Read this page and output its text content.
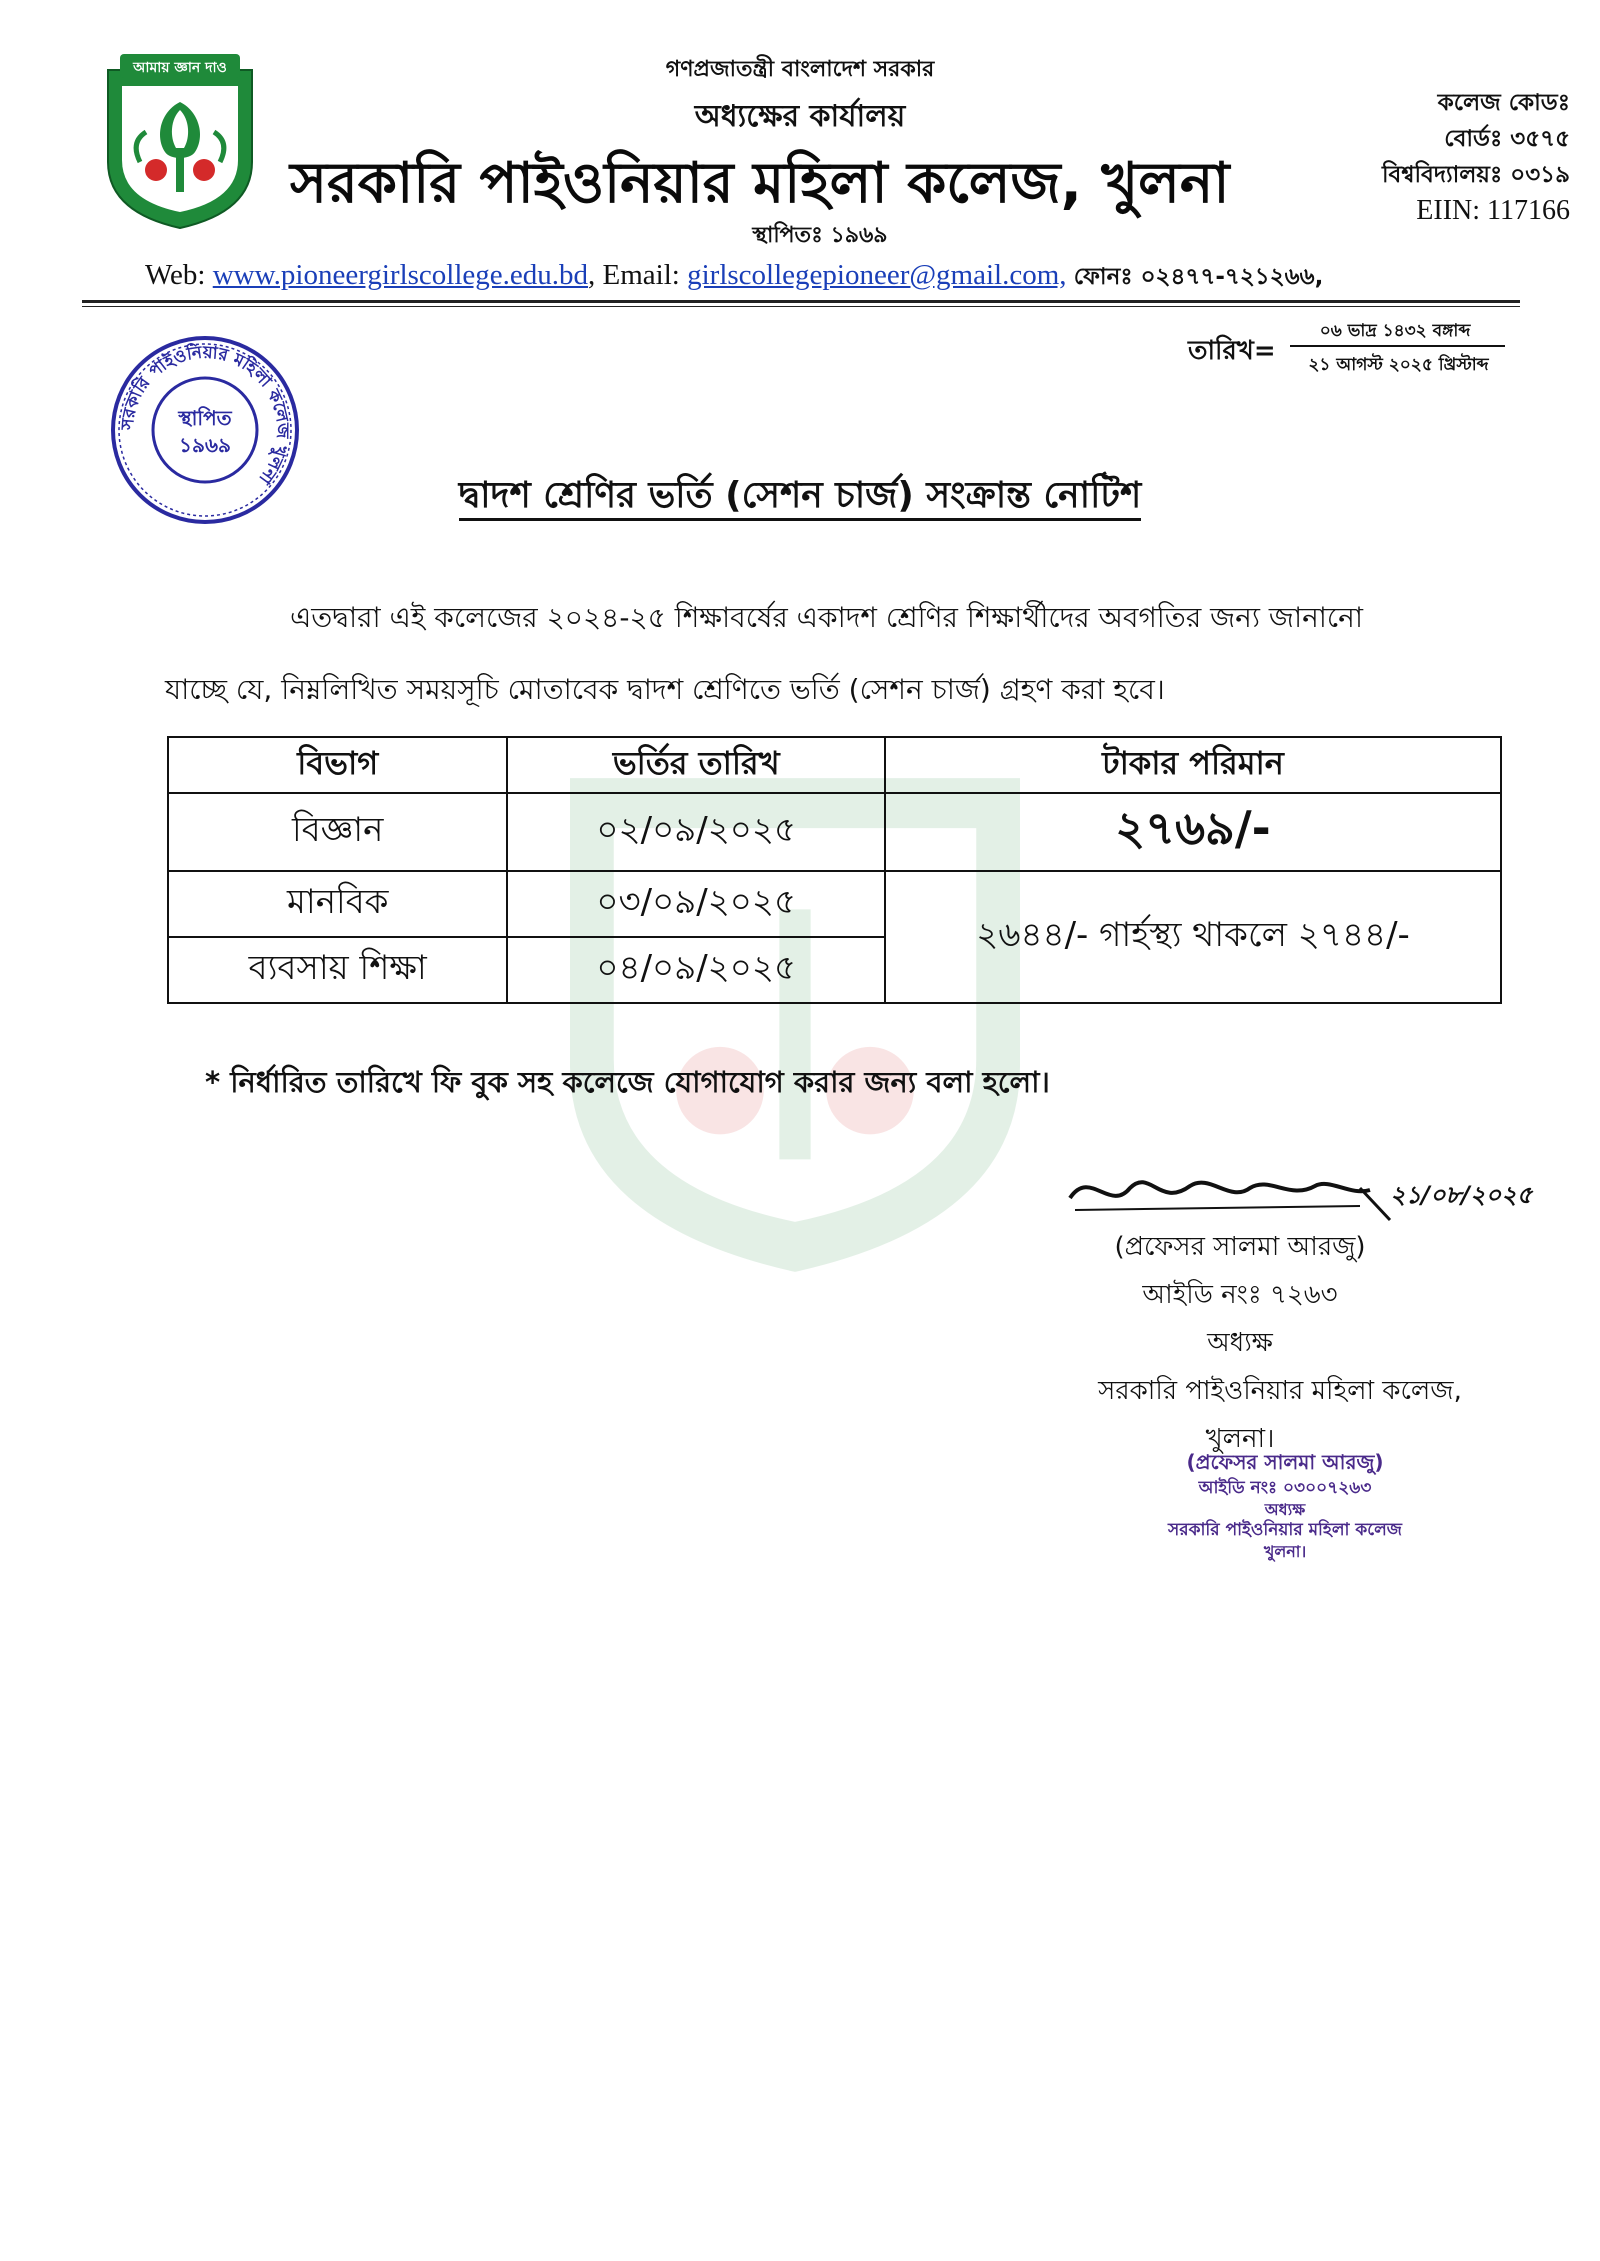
আমায় জ্ঞান দাও	গণপ্রজাতন্ত্রী বাংলাদেশ সরকার
অধ্যক্ষের কার্যালয়
সরকারি পাইওনিয়ার মহিলা কলেজ, খুলনা
স্থাপিতঃ ১৯৬৯
কলেজ কোডঃ
বোর্ডঃ ৩৫৭৫
বিশ্ববিদ্যালয়ঃ ০৩১৯
EIIN: 117166
Web: www.pioneergirlscollege.edu.bd, Email: girlscollegepioneer@gmail.com, ফোনঃ ০২৪৭৭-৭২১২৬৬,
তারিখ=
০৬ ভাদ্র ১৪৩২ বঙ্গাব্দ
২১ আগস্ট ২০২৫ খ্রিস্টাব্দ
সরকারি পাইওনিয়ার মহিলা কলেজ খুলনা
স্থাপিত
১৯৬৯
দ্বাদশ শ্রেণির ভর্তি (সেশন চার্জ) সংক্রান্ত নোটিশ
এতদ্বারা এই কলেজের ২০২৪-২৫ শিক্ষাবর্ষের একাদশ শ্রেণির শিক্ষার্থীদের অবগতির জন্য জানানো
যাচ্ছে যে, নিম্নলিখিত সময়সূচি মোতাবেক দ্বাদশ শ্রেণিতে ভর্তি (সেশন চার্জ) গ্রহণ করা হবে।
বিভাগ	ভর্তির তারিখ	টাকার পরিমান
বিজ্ঞান	০২/০৯/২০২৫	২৭৬৯/-
মানবিক	০৩/০৯/২০২৫	২৬৪৪/- গার্হস্থ্য থাকলে ২৭৪৪/-
ব্যবসায় শিক্ষা	০৪/০৯/২০২৫	
* নির্ধারিত তারিখে ফি বুক সহ কলেজে যোগাযোগ করার জন্য বলা হলো।
২১/০৮/২০২৫
(প্রফেসর সালমা আরজু)
আইডি নংঃ ৭২৬৩
অধ্যক্ষ
সরকারি পাইওনিয়ার মহিলা কলেজ,
খুলনা।
(প্রফেসর সালমা আরজু)
আইডি নংঃ ০৩০০৭২৬৩
অধ্যক্ষ
সরকারি পাইওনিয়ার মহিলা কলেজ
খুলনা।
